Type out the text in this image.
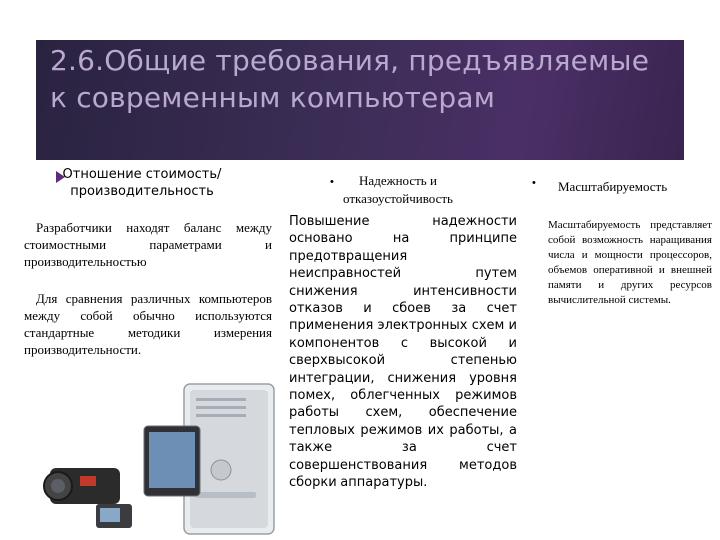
2.6.Общие требования, предъявляемые к современным компьютерам

Отношение стоимость/производительность

Разработчики находят баланс между стоимостными параметрами и производительностью

Для сравнения различных компьютеров между собой обычно используются стандартные методики измерения производительности.

•	Надежность и отказоустойчивость

Повышение надежности основано на принципе предотвращения неисправностей путем снижения интенсивности отказов и сбоев за счет применения электронных схем и компонентов с высокой и сверхвысокой степенью интеграции, снижения уровня помех, облегченных режимов работы схем, обеспечение тепловых режимов их работы, а также за счет совершенствования методов сборки аппаратуры.

• Масштабируемость

Масштабируемость представляет собой возможность наращивания числа и мощности процессоров, объемов оперативной и внешней памяти и других ресурсов вычислительной системы.
